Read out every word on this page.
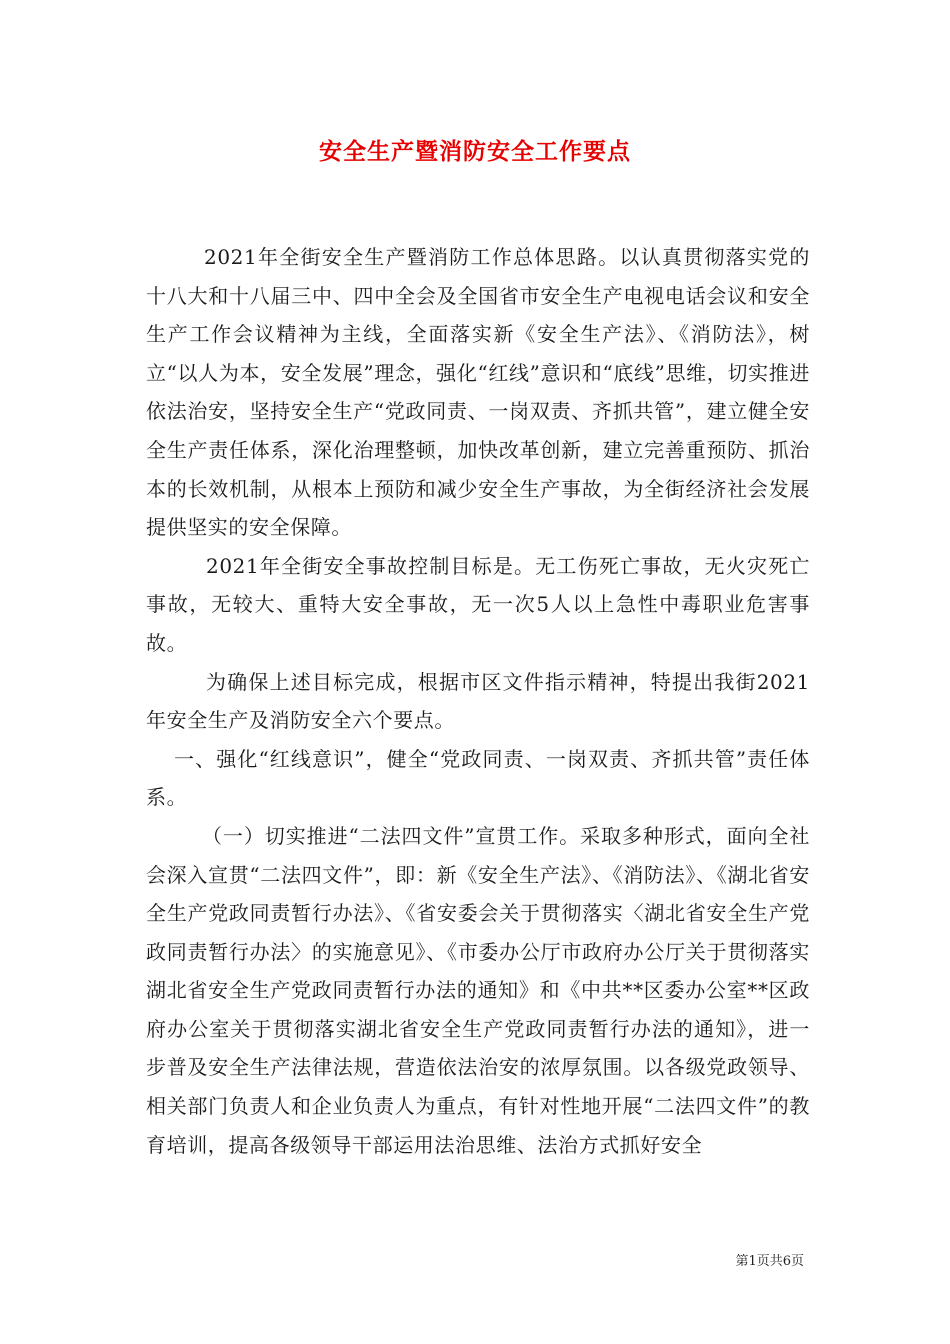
安全生产暨消防安全工作要点

2021年全街安全生产暨消防工作总体思路。以认真贯彻落实党的十八大和十八届三中、四中全会及全国省市安全生产电视电话会议和安全生产工作会议精神为主线，全面落实新《安全生产法》、《消防法》，树立“以人为本，安全发展”理念，强化“红线”意识和“底线”思维，切实推进依法治安，坚持安全生产“党政同责、一岗双责、齐抓共管”，建立健全安全生产责任体系，深化治理整顿，加快改革创新，建立完善重预防、抓治本的长效机制，从根本上预防和减少安全生产事故，为全街经济社会发展提供坚实的安全保障。

2021年全街安全事故控制目标是。无工伤死亡事故，无火灾死亡事故，无较大、重特大安全事故，无一次5人以上急性中毒职业危害事故。

为确保上述目标完成，根据市区文件指示精神，特提出我街2021年安全生产及消防安全六个要点。

一、强化“红线意识”，健全“党政同责、一岗双责、齐抓共管”责任体系。

（一）切实推进“二法四文件”宣贯工作。采取多种形式，面向全社会深入宣贯“二法四文件”，即：新《安全生产法》、《消防法》、《湖北省安全生产党政同责暂行办法》、《省安委会关于贯彻落实〈湖北省安全生产党政同责暂行办法〉的实施意见》、《市委办公厅市政府办公厅关于贯彻落实湖北省安全生产党政同责暂行办法的通知》和《中共**区委办公室**区政府办公室关于贯彻落实湖北省安全生产党政同责暂行办法的通知》，进一步普及安全生产法律法规，营造依法治安的浓厚氛围。以各级党政领导、相关部门负责人和企业负责人为重点，有针对性地开展“二法四文件”的教育培训，提高各级领导干部运用法治思维、法治方式抓好安全

第1页共6页
